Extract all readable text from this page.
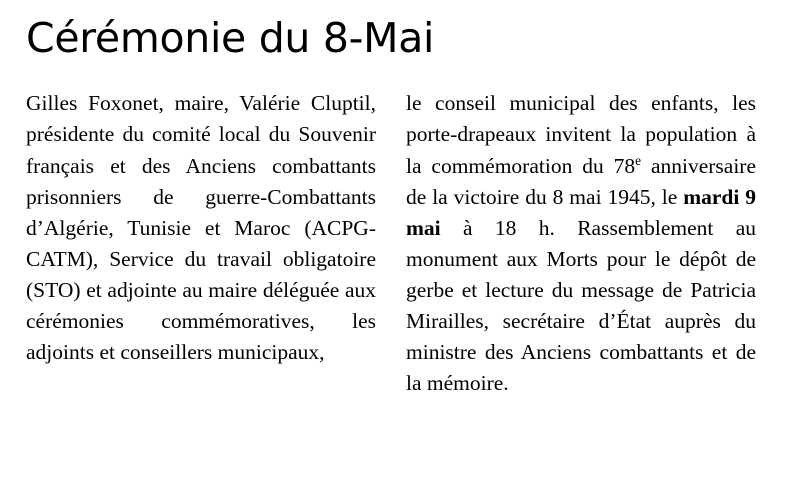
Cérémonie du 8-Mai

Gilles Foxonet, maire, Valérie Cluptil, présidente du comité local du Souvenir français et des Anciens combattants prisonniers de guerre-Combattants d’Algérie, Tunisie et Maroc (ACPG-CATM), Service du travail obligatoire (STO) et adjointe au maire déléguée aux cérémonies commémoratives, les adjoints et conseillers municipaux,

le conseil municipal des enfants, les porte-drapeaux invitent la population à la commémoration du 78e anniversaire de la victoire du 8 mai 1945, le mardi 9 mai à 18 h. Rassemblement au monument aux Morts pour le dépôt de gerbe et lecture du message de Patricia Mirailles, secrétaire d’État auprès du ministre des Anciens combattants et de la mémoire.
